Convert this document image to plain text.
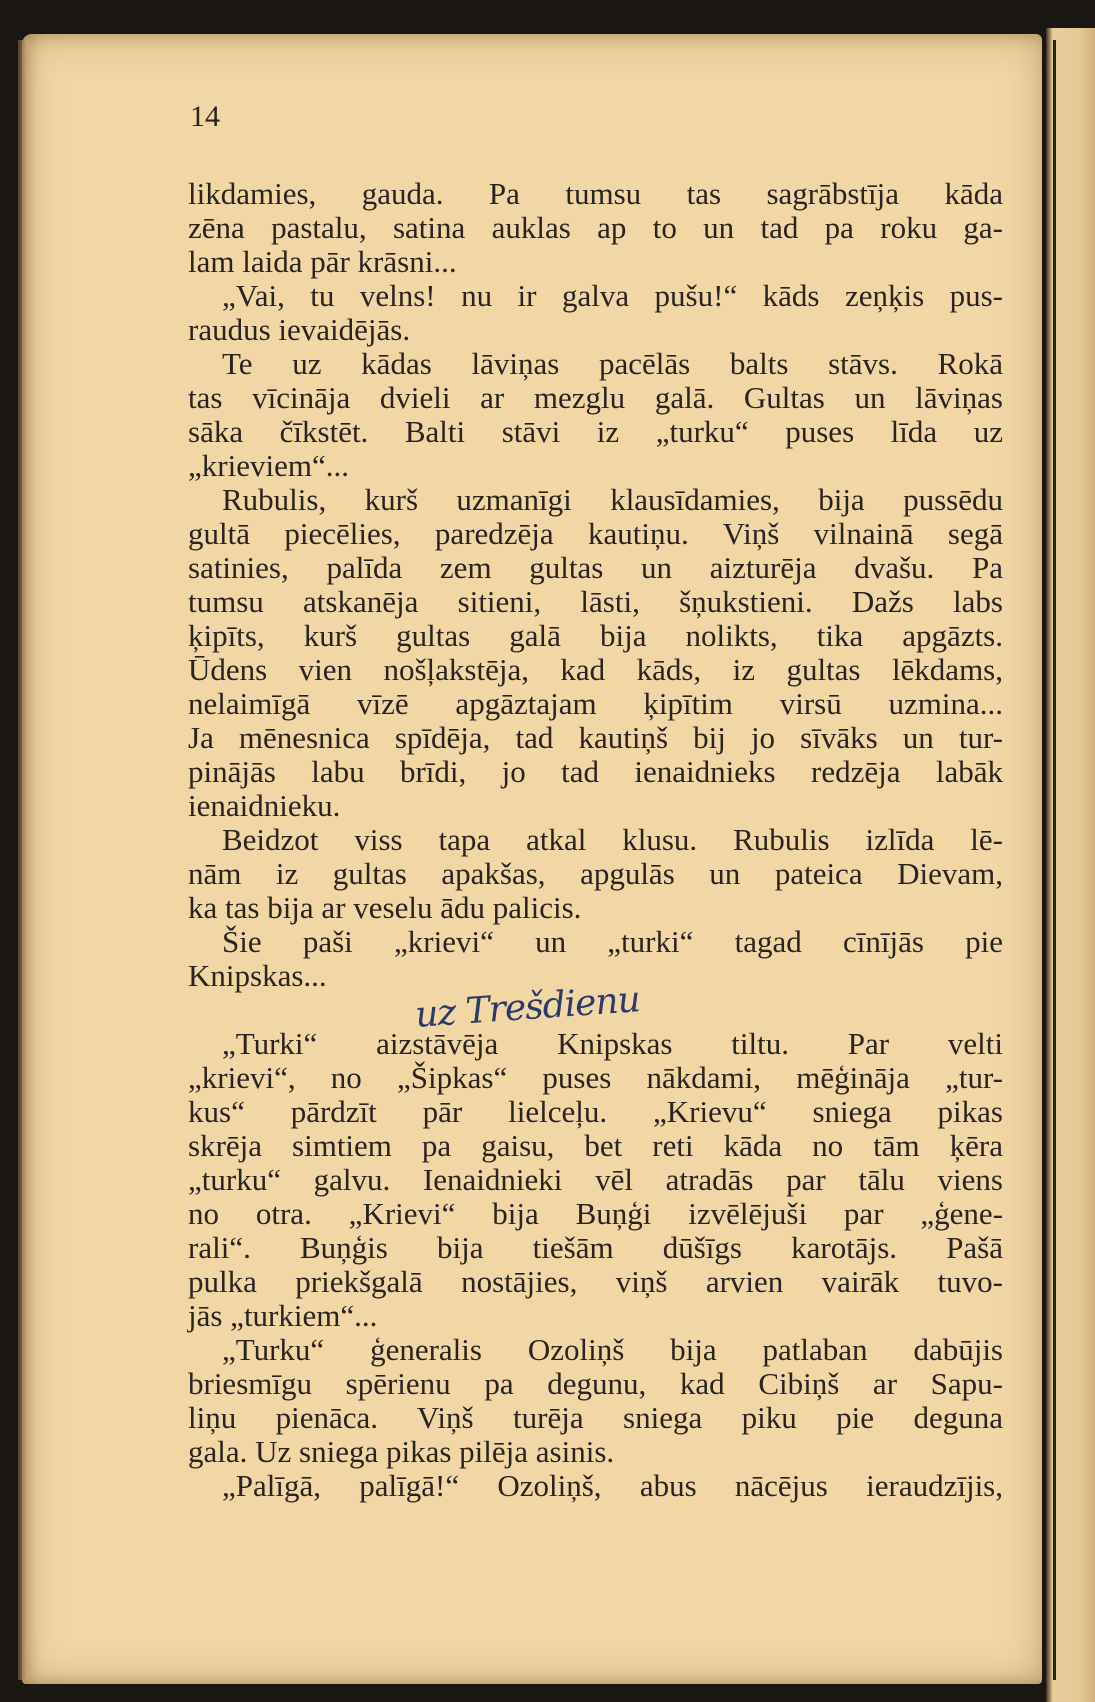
14
likdamies, gauda. Pa tumsu tas sagrābstīja kāda
zēna pastalu, satina auklas ap to un tad pa roku ga-
lam laida pār krāsni...
„Vai, tu velns! nu ir galva pušu!“ kāds zeņķis pus-
raudus ievaidējās.
Te uz kādas lāviņas pacēlās balts stāvs. Rokā
tas vīcināja dvieli ar mezglu galā. Gultas un lāviņas
sāka čīkstēt. Balti stāvi iz „turku“ puses līda uz
„krieviem“...
Rubulis, kurš uzmanīgi klausīdamies, bija pussēdu
gultā piecēlies, paredzēja kautiņu. Viņš vilnainā segā
satinies, palīda zem gultas un aizturēja dvašu. Pa
tumsu atskanēja sitieni, lāsti, šņukstieni. Dažs labs
ķipīts, kurš gultas galā bija nolikts, tika apgāzts.
Ūdens vien nošļakstēja, kad kāds, iz gultas lēkdams,
nelaimīgā vīzē apgāztajam ķipītim virsū uzmina...
Ja mēnesnica spīdēja, tad kautiņš bij jo sīvāks un tur-
pinājās labu brīdi, jo tad ienaidnieks redzēja labāk
ienaidnieku.
Beidzot viss tapa atkal klusu. Rubulis izlīda lē-
nām iz gultas apakšas, apgulās un pateica Dievam,
ka tas bija ar veselu ādu palicis.
Šie paši „krievi“ un „turki“ tagad cīnījās pie
Knipskas...
„Turki“ aizstāvēja Knipskas tiltu. Par velti
„krievi“, no „Šipkas“ puses nākdami, mēģināja „tur-
kus“ pārdzīt pār lielceļu. „Krievu“ sniega pikas
skrēja simtiem pa gaisu, bet reti kāda no tām ķēra
„turku“ galvu. Ienaidnieki vēl atradās par tālu viens
no otra. „Krievi“ bija Buņģi izvēlējuši par „ģene-
rali“. Buņģis bija tiešām dūšīgs karotājs. Pašā
pulka priekšgalā nostājies, viņš arvien vairāk tuvo-
jās „turkiem“...
„Turku“ ģeneralis Ozoliņš bija patlaban dabūjis
briesmīgu spērienu pa degunu, kad Cibiņš ar Sapu-
liņu pienāca. Viņš turēja sniega piku pie deguna
gala. Uz sniega pikas pilēja asinis.
„Palīgā, palīgā!“ Ozoliņš, abus nācējus ieraudzījis,
uz Trešdienu
